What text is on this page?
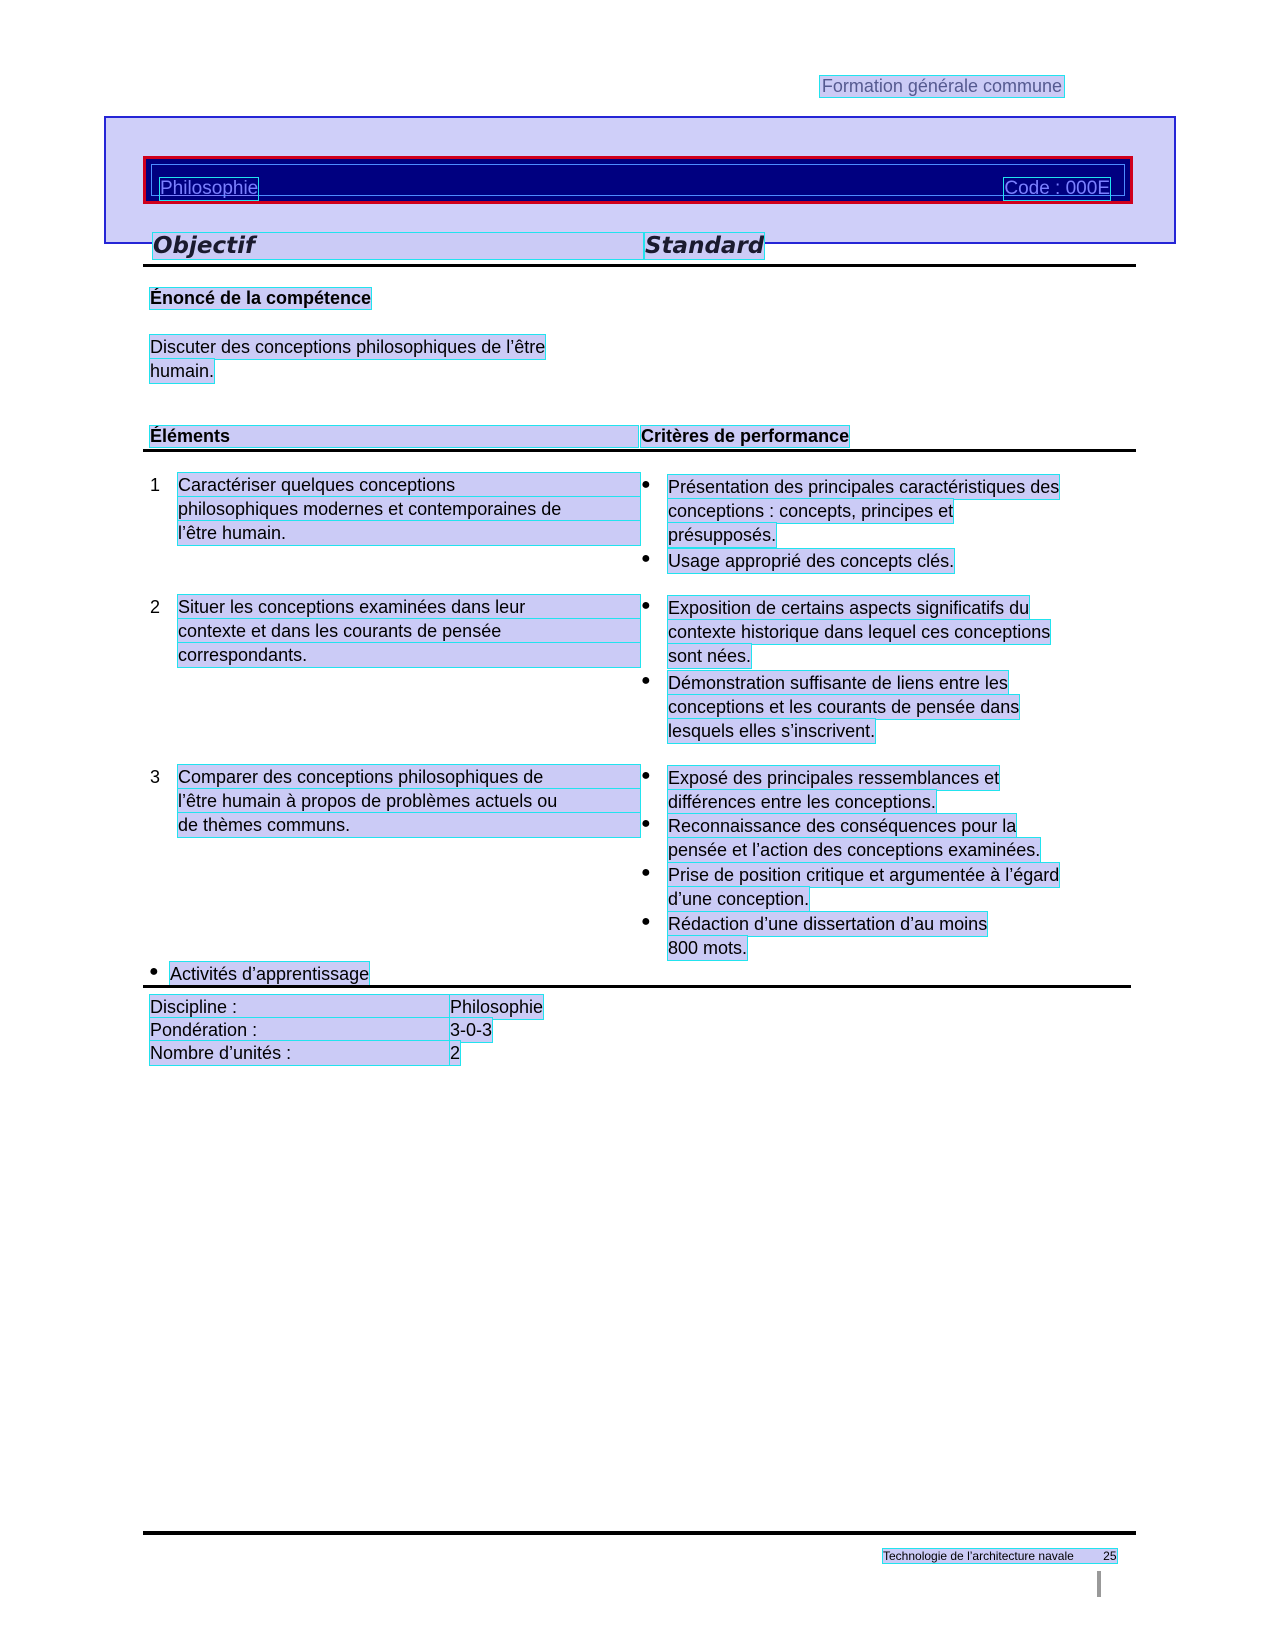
Formation générale commune
Philosophie	Code : 000E
Objectif	Standard
Énoncé de la compétence
Discuter des conceptions philosophiques de l’être
humain.
Éléments	Critères de performance
1 Caractériser quelques conceptions
philosophiques modernes et contemporaines de
l’être humain.
● Présentation des principales caractéristiques des
conceptions : concepts, principes et
présupposés.
● Usage approprié des concepts clés.
2 Situer les conceptions examinées dans leur
contexte et dans les courants de pensée
correspondants.
● Exposition de certains aspects significatifs du
contexte historique dans lequel ces conceptions
sont nées.
● Démonstration suffisante de liens entre les
conceptions et les courants de pensée dans
lesquels elles s’inscrivent.
3 Comparer des conceptions philosophiques de
l’être humain à propos de problèmes actuels ou
de thèmes communs.
● Exposé des principales ressemblances et
différences entre les conceptions.
● Reconnaissance des conséquences pour la
pensée et l’action des conceptions examinées.
● Prise de position critique et argumentée à l’égard
d’une conception.
● Rédaction d’une dissertation d’au moins
800 mots.
● Activités d’apprentissage
Discipline :	Philosophie
Pondération :	3-0-3
Nombre d’unités :	2
Technologie de l’architecture navale 25
